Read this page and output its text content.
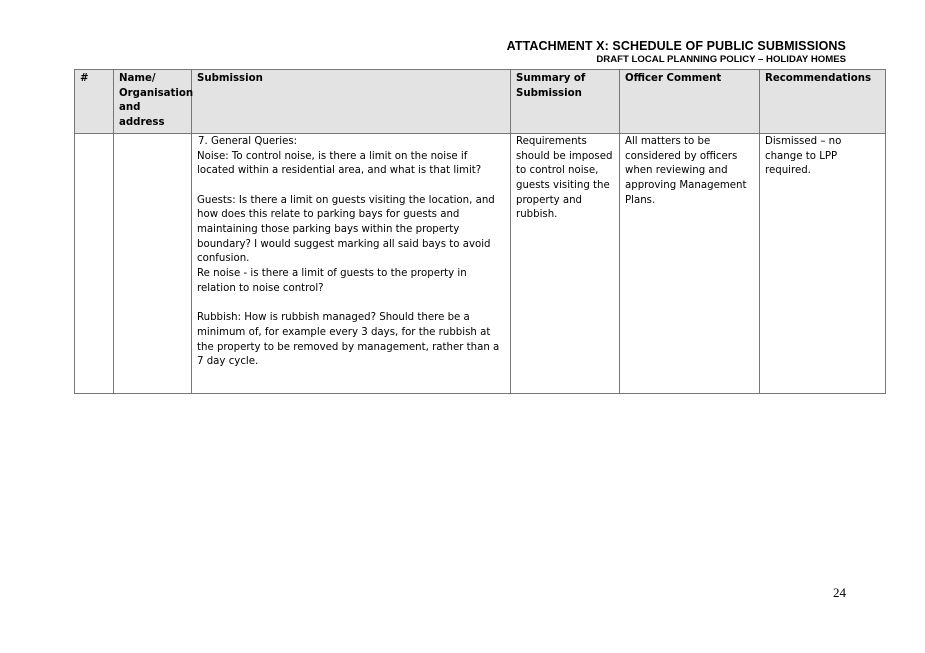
ATTACHMENT X: SCHEDULE OF PUBLIC SUBMISSIONS
DRAFT LOCAL PLANNING POLICY – HOLIDAY HOMES
#	Name/ Organisation and address	Submission	Summary of Submission	Officer Comment	Recommendations

		7. General Queries:
Noise: To control noise, is there a limit on the noise if located within a residential area, and what is that limit?
Guests: Is there a limit on guests visiting the location, and how does this relate to parking bays for guests and maintaining those parking bays within the property boundary? I would suggest marking all said bays to avoid confusion.
Re noise - is there a limit of guests to the property in relation to noise control?
Rubbish: How is rubbish managed? Should there be a minimum of, for example every 3 days, for the rubbish at the property to be removed by management, rather than a 7 day cycle.	Requirements should be imposed to control noise, guests visiting the property and rubbish.	All matters to be considered by officers when reviewing and approving Management Plans.	Dismissed – no change to LPP required.
24
